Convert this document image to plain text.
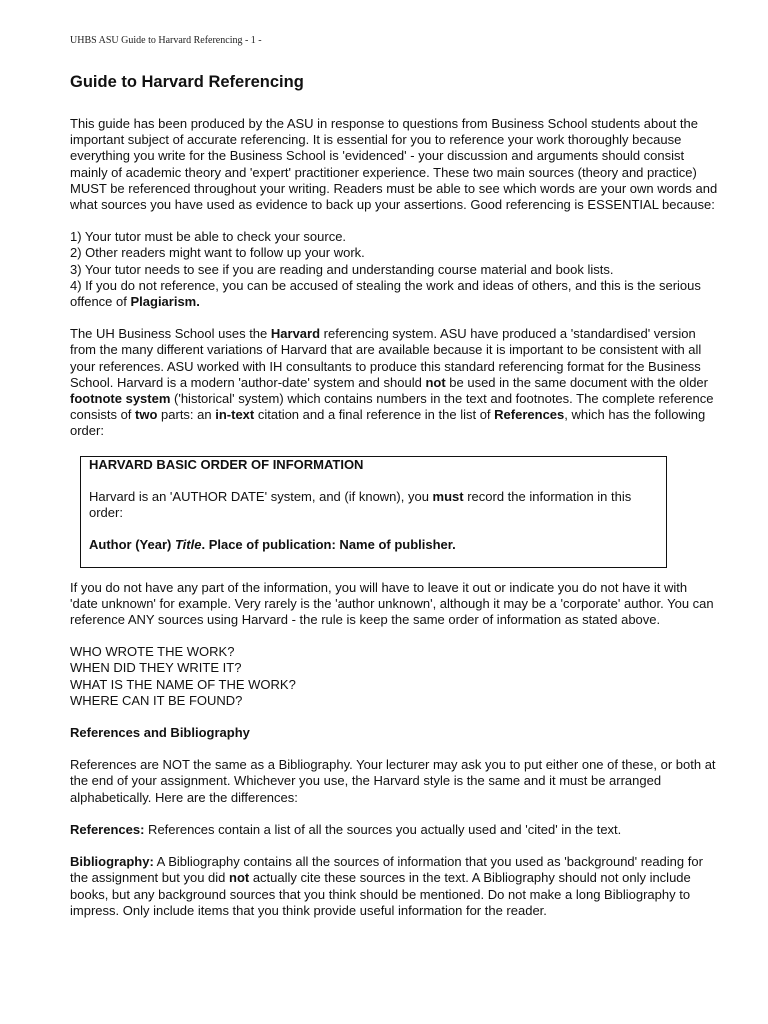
UHBS ASU Guide to Harvard Referencing - 1 -
Guide to Harvard Referencing

This guide has been produced by the ASU in response to questions from Business School students about the important subject of accurate referencing. It is essential for you to reference your work thoroughly because everything you write for the Business School is 'evidenced' - your discussion and arguments should consist mainly of academic theory and 'expert' practitioner experience. These two main sources (theory and practice) MUST be referenced throughout your writing. Readers must be able to see which words are your own words and what sources you have used as evidence to back up your assertions. Good referencing is ESSENTIAL because:

1) Your tutor must be able to check your source.
2) Other readers might want to follow up your work.
3) Your tutor needs to see if you are reading and understanding course material and book lists.
4) If you do not reference, you can be accused of stealing the work and ideas of others, and this is the serious offence of Plagiarism.

The UH Business School uses the Harvard referencing system. ASU have produced a 'standardised' version from the many different variations of Harvard that are available because it is important to be consistent with all your references. ASU worked with IH consultants to produce this standard referencing format for the Business School. Harvard is a modern 'author-date' system and should not be used in the same document with the older footnote system ('historical' system) which contains numbers in the text and footnotes. The complete reference consists of two parts: an in-text citation and a final reference in the list of References, which has the following order:

HARVARD BASIC ORDER OF INFORMATION

Harvard is an 'AUTHOR DATE' system, and (if known), you must record the information in this order:

Author (Year) Title. Place of publication: Name of publisher.

If you do not have any part of the information, you will have to leave it out or indicate you do not have it with 'date unknown' for example. Very rarely is the 'author unknown', although it may be a 'corporate' author. You can reference ANY sources using Harvard - the rule is keep the same order of information as stated above.

WHO WROTE THE WORK?
WHEN DID THEY WRITE IT?
WHAT IS THE NAME OF THE WORK?
WHERE CAN IT BE FOUND?
References and Bibliography

References are NOT the same as a Bibliography. Your lecturer may ask you to put either one of these, or both at the end of your assignment. Whichever you use, the Harvard style is the same and it must be arranged alphabetically. Here are the differences:

References: References contain a list of all the sources you actually used and 'cited' in the text.

Bibliography: A Bibliography contains all the sources of information that you used as 'background' reading for the assignment but you did not actually cite these sources in the text. A Bibliography should not only include books, but any background sources that you think should be mentioned. Do not make a long Bibliography to impress. Only include items that you think provide useful information for the reader.
